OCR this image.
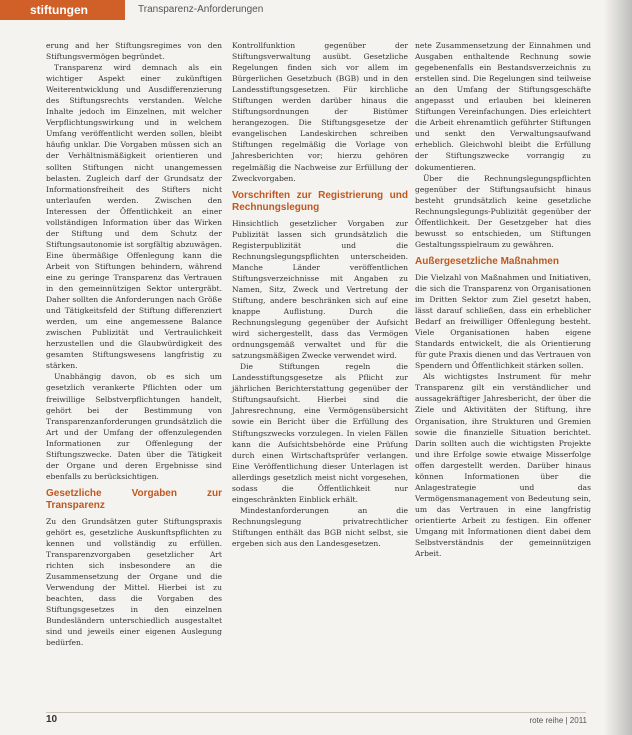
stiftungen	Transparenz-Anforderungen

erung and her Stiftungsregimes von den Stiftungsvermögen begründet.

Transparenz wird demnach als ein wichtiger Aspekt einer zukünftigen Weiterentwicklung und Ausdifferenzierung des Stiftungsrechts verstanden. Welche Inhalte jedoch im Einzelnen, mit welcher Verpflichtungswirkung und in welchem Umfang veröffentlicht werden sollen, bleibt häufig unklar. Die Vorgaben müssen sich an der Verhältnismäßigkeit orientieren und sollten Stiftungen nicht unangemessen belasten. Zugleich darf der Grundsatz der Informationsfreiheit des Stifters nicht unterlaufen werden. Zwischen den Interessen der Öffentlichkeit an einer vollständigen Information über das Wirken der Stiftung und dem Schutz der Stiftungsautonomie ist sorgfältig abzuwägen. Eine übermäßige Offenlegung kann die Arbeit von Stiftungen behindern, während eine zu geringe Transparenz das Vertrauen in den gemeinnützigen Sektor untergräbt. Daher sollten die Anforderungen nach Größe und Tätigkeitsfeld der Stiftung differenziert werden, um eine angemessene Balance zwischen Publizität und Vertraulichkeit herzustellen und die Glaubwürdigkeit des gesamten Stiftungswesens langfristig zu stärken.

Unabhängig davon, ob es sich um gesetzlich verankerte Pflichten oder um freiwillige Selbstverpflichtungen handelt, gehört bei der Bestimmung von Transparenzanforderungen grundsätzlich die Art und der Umfang der offenzulegenden Informationen zur Offenlegung der Stiftungszwecke. Daten über die Tätigkeit der Organe und deren Ergebnisse sind ebenfalls zu berücksichtigen.

Gesetzliche Vorgaben zur Transparenz

Zu den Grundsätzen guter Stiftungspraxis gehört es, gesetzliche Auskunftspflichten zu kennen und vollständig zu erfüllen. Transparenzvorgaben gesetzlicher Art richten sich insbesondere an die Zusammensetzung der Organe und die Verwendung der Mittel. Hierbei ist zu beachten, dass die Vorgaben des Stiftungsgesetzes in den einzelnen Bundesländern unterschiedlich ausgestaltet sind und jeweils einer eigenen Auslegung bedürfen.

Kontrollfunktion gegenüber der Stiftungsverwaltung ausübt. Gesetzliche Regelungen finden sich vor allem im Bürgerlichen Gesetzbuch (BGB) und in den Landesstiftungsgesetzen. Für kirchliche Stiftungen werden darüber hinaus die Stiftungsordnungen der Bistümer herangezogen. Die Stiftungsgesetze der evangelischen Landeskirchen schreiben Stiftungen regelmäßig die Vorlage von Jahresberichten vor; hierzu gehören regelmäßig die Nachweise zur Erfüllung der Zweckvorgaben.

Vorschriften zur Registrierung und Rechnungslegung

Hinsichtlich gesetzlicher Vorgaben zur Publizität lassen sich grundsätzlich die Registerpublizität und die Rechnungslegungspflichten unterscheiden. Manche Länder veröffentlichen Stiftungsverzeichnisse mit Angaben zu Namen, Sitz, Zweck und Vertretung der Stiftung, andere beschränken sich auf eine knappe Auflistung. Durch die Rechnungslegung gegenüber der Aufsicht wird sichergestellt, dass das Vermögen ordnungsgemäß verwaltet und für die satzungsmäßigen Zwecke verwendet wird.

Die Stiftungen regeln die Landesstiftungsgesetze als Pflicht zur jährlichen Berichterstattung gegenüber der Stiftungsaufsicht. Hierbei sind die Jahresrechnung, eine Vermögensübersicht sowie ein Bericht über die Erfüllung des Stiftungszwecks vorzulegen. In vielen Fällen kann die Aufsichtsbehörde eine Prüfung durch einen Wirtschaftsprüfer verlangen. Eine Veröffentlichung dieser Unterlagen ist allerdings gesetzlich meist nicht vorgesehen, sodass die Öffentlichkeit nur eingeschränkten Einblick erhält.

Mindestanforderungen an die Rechnungslegung privatrechtlicher Stiftungen enthält das BGB nicht selbst, sie ergeben sich aus den Landesgesetzen.

nete Zusammensetzung der Einnahmen und Ausgaben enthaltende Rechnung sowie gegebenenfalls ein Bestandsverzeichnis zu erstellen sind. Die Regelungen sind teilweise an den Umfang der Stiftungsgeschäfte angepasst und erlauben bei kleineren Stiftungen Vereinfachungen. Dies erleichtert die Arbeit ehrenamtlich geführter Stiftungen und senkt den Verwaltungsaufwand erheblich. Gleichwohl bleibt die Erfüllung der Stiftungszwecke vorrangig zu dokumentieren.

Über die Rechnungslegungspflichten gegenüber der Stiftungsaufsicht hinaus besteht grundsätzlich keine gesetzliche Rechnungslegungs-Publizität gegenüber der Öffentlichkeit. Der Gesetzgeber hat dies bewusst so entschieden, um Stiftungen Gestaltungsspielraum zu gewähren.

Außergesetzliche Maßnahmen

Die Vielzahl von Maßnahmen und Initiativen, die sich die Transparenz von Organisationen im Dritten Sektor zum Ziel gesetzt haben, lässt darauf schließen, dass ein erheblicher Bedarf an freiwilliger Offenlegung besteht. Viele Organisationen haben eigene Standards entwickelt, die als Orientierung für gute Praxis dienen und das Vertrauen von Spendern und Öffentlichkeit stärken sollen.

Als wichtigstes Instrument für mehr Transparenz gilt ein verständlicher und aussagekräftiger Jahresbericht, der über die Ziele und Aktivitäten der Stiftung, ihre Organisation, ihre Strukturen und Gremien sowie die finanzielle Situation berichtet. Darin sollten auch die wichtigsten Projekte und ihre Erfolge sowie etwaige Misserfolge offen dargestellt werden. Darüber hinaus können Informationen über die Anlagestrategie und das Vermögensmanagement von Bedeutung sein, um das Vertrauen in eine langfristig orientierte Arbeit zu festigen. Ein offener Umgang mit Informationen dient dabei dem Selbstverständnis der gemeinnützigen Arbeit.

10	rote reihe | 2011
